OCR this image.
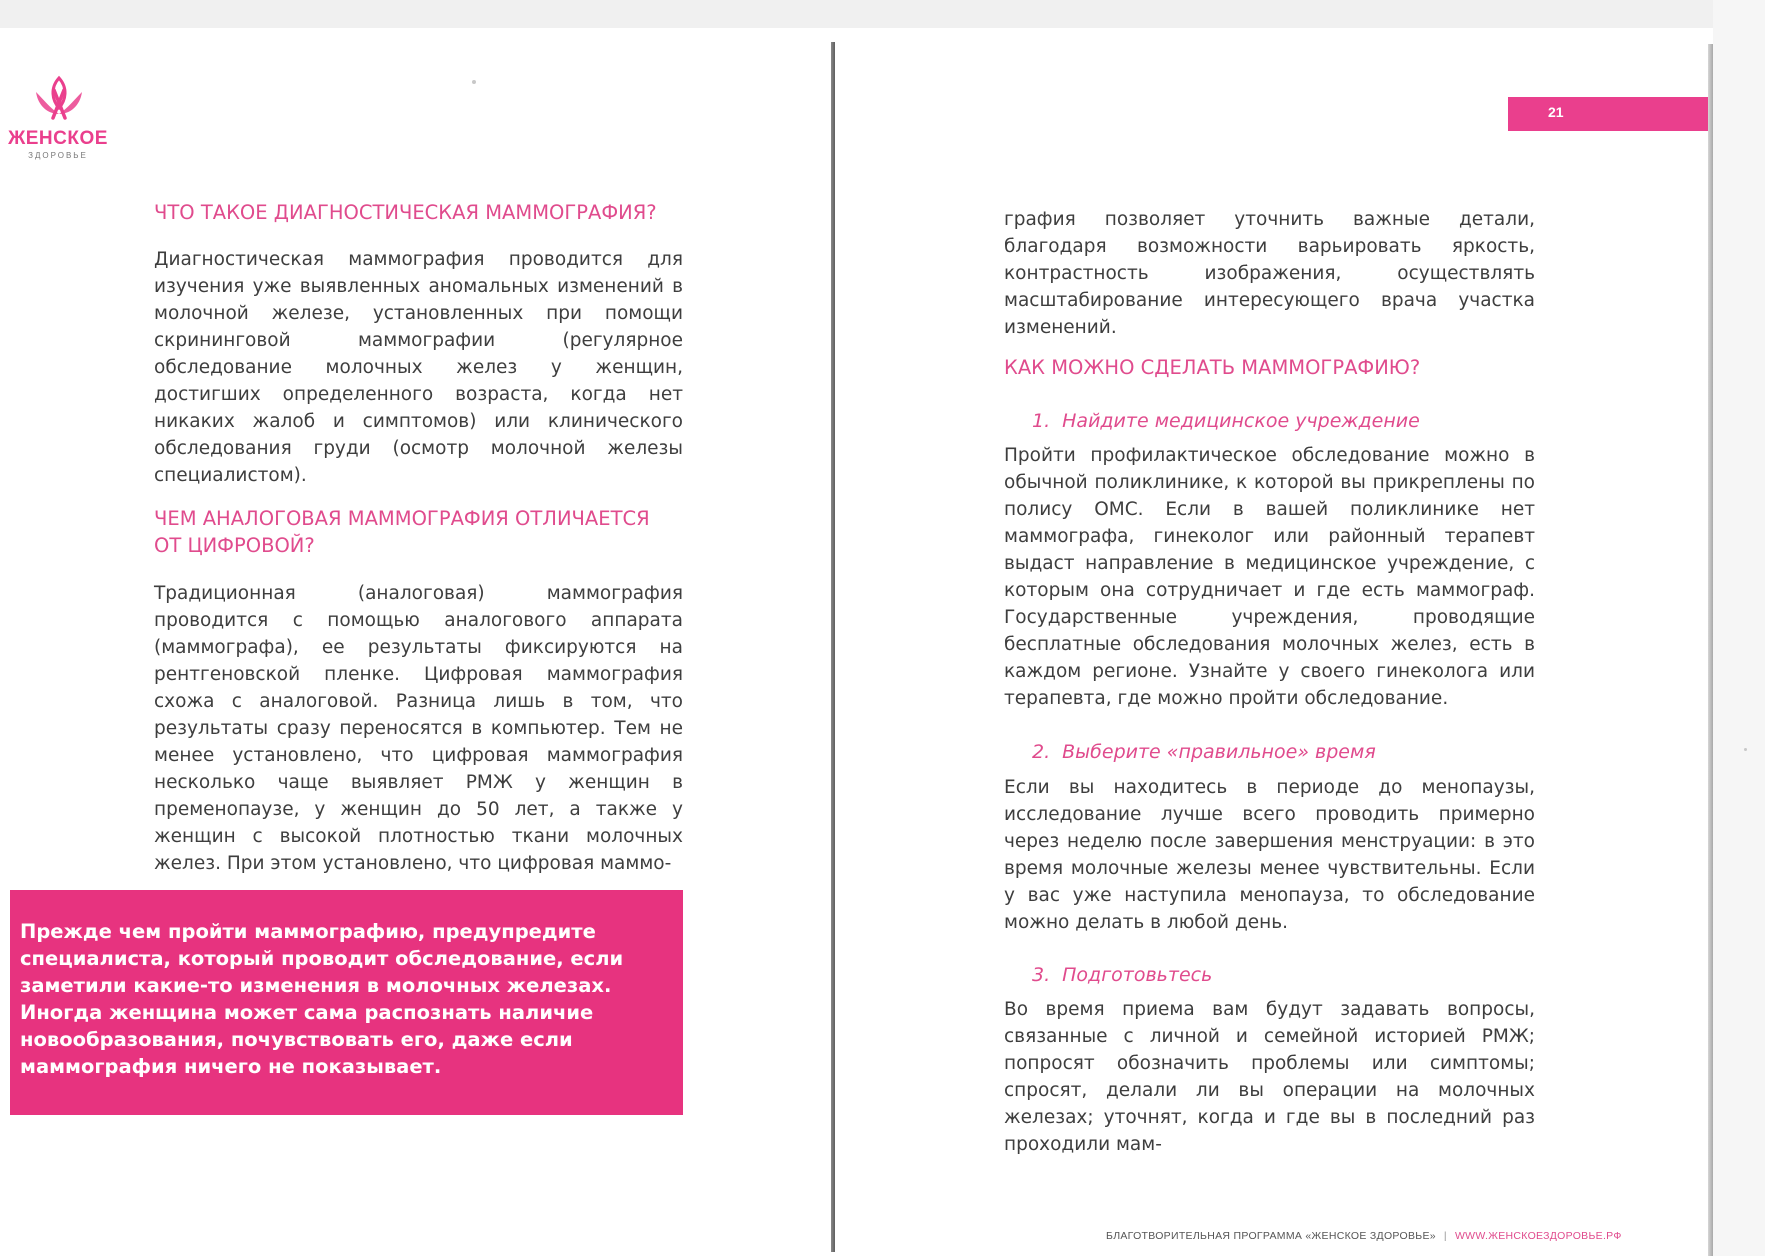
ЖЕНСКОЕ
ЗДОРОВЬЕ
ЧТО ТАКОЕ ДИАГНОСТИЧЕСКАЯ МАММОГРАФИЯ?

Диагностическая маммография проводится для изучения уже выявленных аномальных изменений в молочной железе, установленных при помощи скрининговой маммографии (регулярное обследование молочных желез у женщин, достигших определенного возраста, когда нет никаких жалоб и симптомов) или клинического обследования груди (осмотр молочной железы специалистом).

ЧЕМ АНАЛОГОВАЯ МАММОГРАФИЯ ОТЛИЧАЕТСЯ
ОТ ЦИФРОВОЙ?

Традиционная (аналоговая) маммография проводится с помощью аналогового аппарата (маммографа), ее результаты фиксируются на рентгеновской пленке. Цифровая маммография схожа с аналоговой. Разница лишь в том, что результаты сразу переносятся в компьютер. Тем не менее установлено, что цифровая маммография несколько чаще выявляет РМЖ у женщин в пременопаузе, у женщин до 50 лет, а также у женщин с высокой плотностью ткани молочных желез. При этом установлено, что цифровая маммо-

Прежде чем пройти маммографию, предупредите специалиста, который проводит обследование, если заметили какие-то изменения в молочных железах. Иногда женщина может сама распознать наличие новообразования, почувствовать его, даже если маммография ничего не показывает.

21

графия позволяет уточнить важные детали, благодаря возможности варьировать яркость, контрастность изображения, осуществлять масштабирование интересующего врача участка изменений.

КАК МОЖНО СДЕЛАТЬ МАММОГРАФИЮ?
1. Найдите медицинское учреждение

Пройти профилактическое обследование можно в обычной поликлинике, к которой вы прикреплены по полису ОМС. Если в вашей поликлинике нет маммографа, гинеколог или районный терапевт выдаст направление в медицинское учреждение, с которым она сотрудничает и где есть маммограф. Государственные учреждения, проводящие бесплатные обследования молочных желез, есть в каждом регионе. Узнайте у своего гинеколога или терапевта, где можно пройти обследование.

2. Выберите «правильное» время

Если вы находитесь в периоде до менопаузы, исследование лучше всего проводить примерно через неделю после завершения менструации: в это время молочные железы менее чувствительны. Если у вас уже наступила менопауза, то обследование можно делать в любой день.

3. Подготовьтесь

Во время приема вам будут задавать вопросы, связанные с личной и семейной историей РМЖ; попросят обозначить проблемы или симптомы; спросят, делали ли вы операции на молочных железах; уточнят, когда и где вы в последний раз проходили мам-

БЛАГОТВОРИТЕЛЬНАЯ ПРОГРАММА «ЖЕНСКОЕ ЗДОРОВЬЕ» | WWW.ЖЕНСКОЕЗДОРОВЬЕ.РФ
